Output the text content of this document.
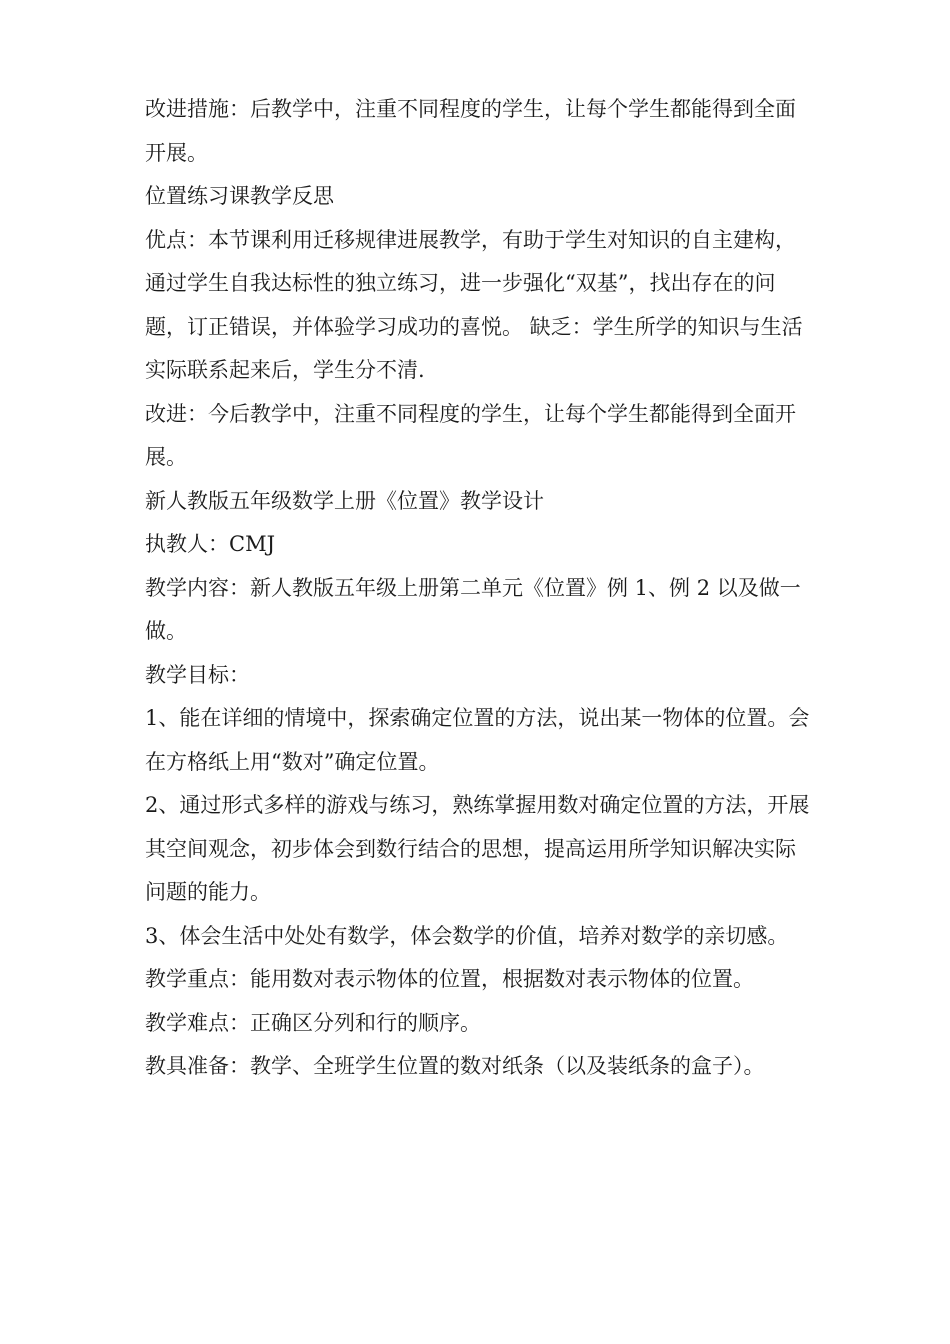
改进措施：后教学中，注重不同程度的学生，让每个学生都能得到全面开展。

位置练习课教学反思

优点：本节课利用迁移规律进展教学，有助于学生对知识的自主建构，通过学生自我达标性的独立练习，进一步强化“双基”，找出存在的问题，订正错误，并体验学习成功的喜悦。 缺乏：学生所学的知识与生活实际联系起来后，学生分不清.

改进：今后教学中，注重不同程度的学生，让每个学生都能得到全面开展。

新人教版五年级数学上册《位置》教学设计

执教人：CMJ

教学内容：新人教版五年级上册第二单元《位置》例 1、例 2 以及做一做。

教学目标：

1、能在详细的情境中，探索确定位置的方法，说出某一物体的位置。会在方格纸上用“数对”确定位置。

2、通过形式多样的游戏与练习，熟练掌握用数对确定位置的方法，开展其空间观念，初步体会到数行结合的思想，提高运用所学知识解决实际问题的能力。

3、体会生活中处处有数学，体会数学的价值，培养对数学的亲切感。

教学重点：能用数对表示物体的位置，根据数对表示物体的位置。

教学难点：正确区分列和行的顺序。

教具准备：教学、全班学生位置的数对纸条（以及装纸条的盒子）。
